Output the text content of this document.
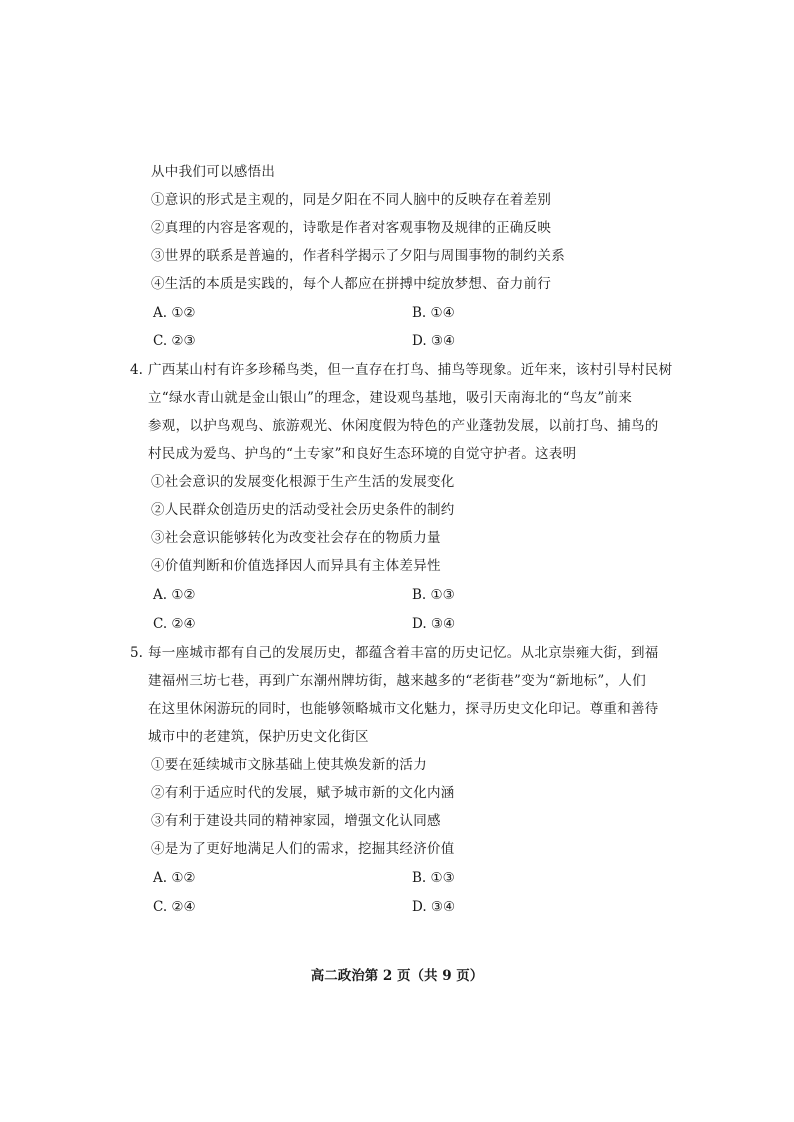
从中我们可以感悟出
①意识的形式是主观的，同是夕阳在不同人脑中的反映存在着差别
②真理的内容是客观的，诗歌是作者对客观事物及规律的正确反映
③世界的联系是普遍的，作者科学揭示了夕阳与周围事物的制约关系
④生活的本质是实践的，每个人都应在拼搏中绽放梦想、奋力前行
A. ①②	B. ①④
C. ②③	D. ③④
4. 广西某山村有许多珍稀鸟类，但一直存在打鸟、捕鸟等现象。近年来，该村引导村民树
立“绿水青山就是金山银山”的理念，建设观鸟基地，吸引天南海北的“鸟友”前来
参观，以护鸟观鸟、旅游观光、休闲度假为特色的产业蓬勃发展，以前打鸟、捕鸟的
村民成为爱鸟、护鸟的“土专家”和良好生态环境的自觉守护者。这表明
①社会意识的发展变化根源于生产生活的发展变化
②人民群众创造历史的活动受社会历史条件的制约
③社会意识能够转化为改变社会存在的物质力量
④价值判断和价值选择因人而异具有主体差异性
A. ①②	B. ①③
C. ②④	D. ③④
5. 每一座城市都有自己的发展历史，都蕴含着丰富的历史记忆。从北京崇雍大街，到福
建福州三坊七巷，再到广东潮州牌坊街，越来越多的“老街巷”变为“新地标”，人们
在这里休闲游玩的同时，也能够领略城市文化魅力，探寻历史文化印记。尊重和善待
城市中的老建筑，保护历史文化街区
①要在延续城市文脉基础上使其焕发新的活力
②有利于适应时代的发展，赋予城市新的文化内涵
③有利于建设共同的精神家园，增强文化认同感
④是为了更好地满足人们的需求，挖掘其经济价值
A. ①②	B. ①③
C. ②④	D. ③④
高二政治第 2 页（共 9 页）
